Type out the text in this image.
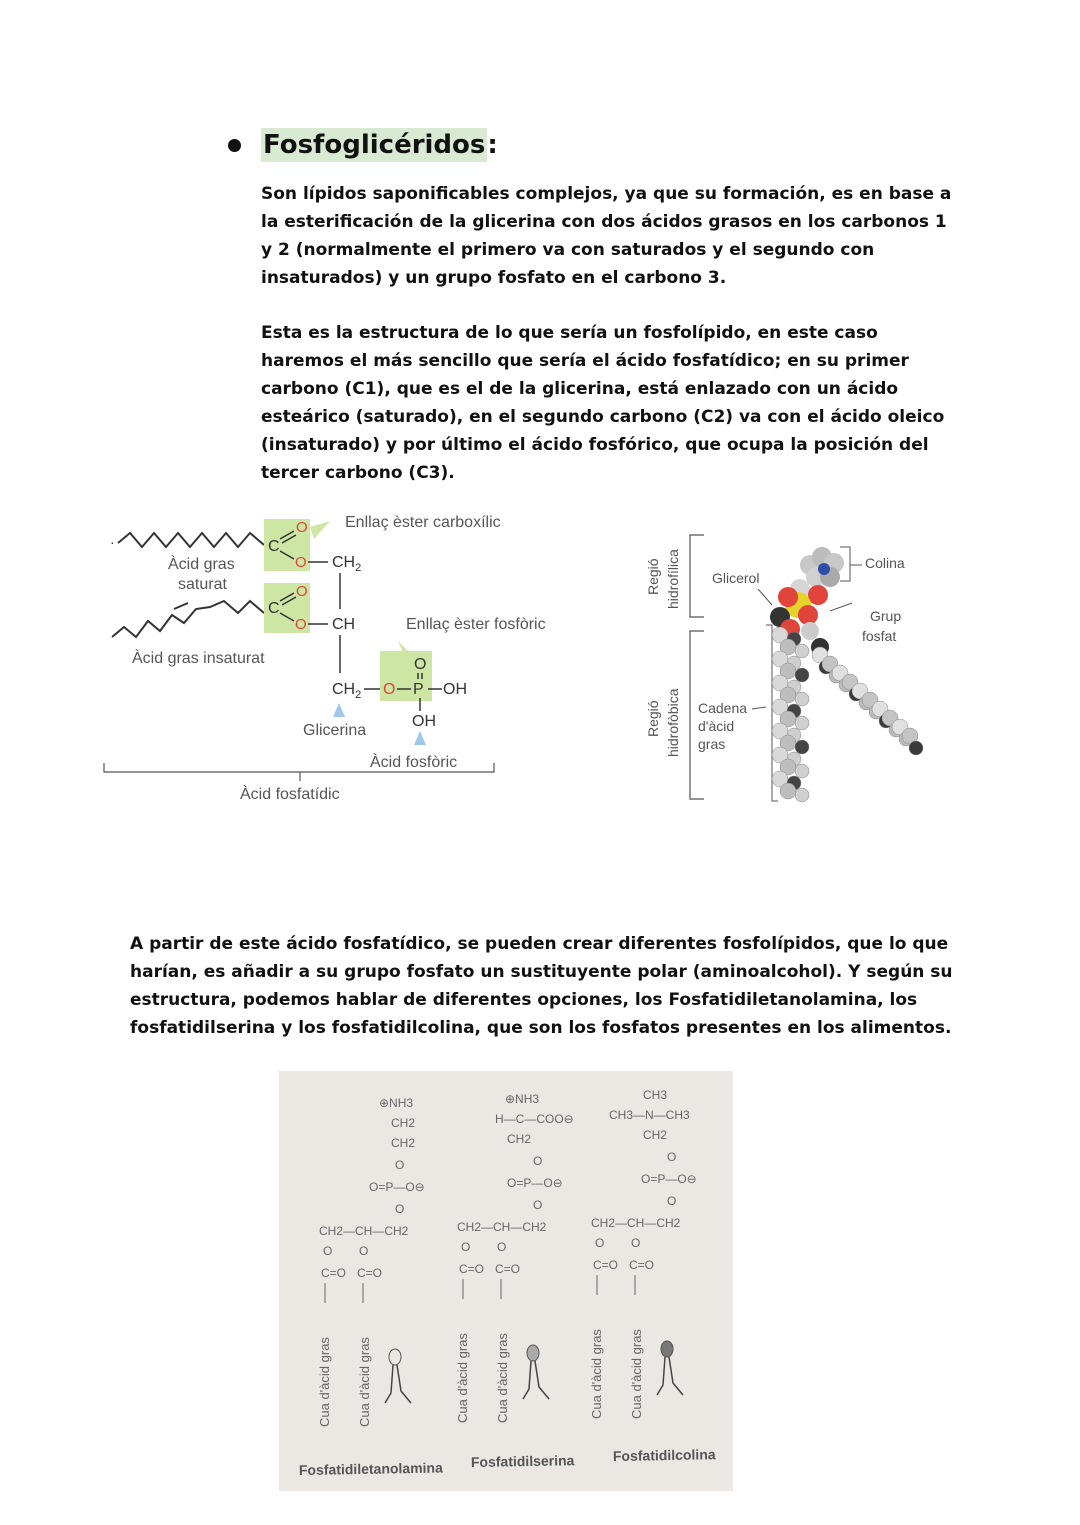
Fosfoglicéridos :

Son lípidos saponificables complejos, ya que su formación, es en base a la esterificación de la glicerina con dos ácidos grasos en los carbonos 1 y 2 (normalmente el primero va con saturados y el segundo con insaturados) y un grupo fosfato en el carbono 3.

Esta es la estructura de lo que sería un fosfolípido, en este caso haremos el más sencillo que sería el ácido fosfatídico; en su primer carbono (C1), que es el de la glicerina, está enlazado con un ácido esteárico (saturado), en el segundo carbono (C2) va con el ácido oleico (insaturado) y por último el ácido fosfórico, que ocupa la posición del tercer carbono (C3).

·	C
O
O
C
O
O
$CH_2$
CH
$CH_2$ O P
O
OH
OH
Enllaç èster carboxílic
Àcid gras
saturat
Àcid gras insaturat
Enllaç èster fosfòric
Glicerina
Àcid fosfòric
Àcid fosfatídic
Regió hidrofílica
Regió hidrofòbica
Glicerol
Colina
Grup
fosfat
Cadena
d'àcid
gras

A partir de este ácido fosfatídico, se pueden crear diferentes fosfolípidos, que lo que harían, es añadir a su grupo fosfato un sustituyente polar (aminoalcohol). Y según su estructura, podemos hablar de diferentes opciones, los Fosfatidiletanolamina, los fosfatidilserina y los fosfatidilcolina, que son los fosfatos presentes en los alimentos.

⊕NH3
CH2
CH2
O
O=P—O⊖
O
CH2—CH—CH2
O O
C=O C=O
Cua d'àcid gras Cua d'àcid gras
⊕NH3
H—C—COO⊖
CH2
O
O=P—O⊖
O
CH2—CH—CH2
O O
C=O C=O
Cua d'àcid gras Cua d'àcid gras
CH3
CH3—N—CH3
CH2
O
O=P—O⊖
O
CH2—CH—CH2
O O
C=O C=O
Cua d'àcid gras Cua d'àcid gras
Fosfatidiletanolamina Fosfatidilserina	Fosfatidilcolina
